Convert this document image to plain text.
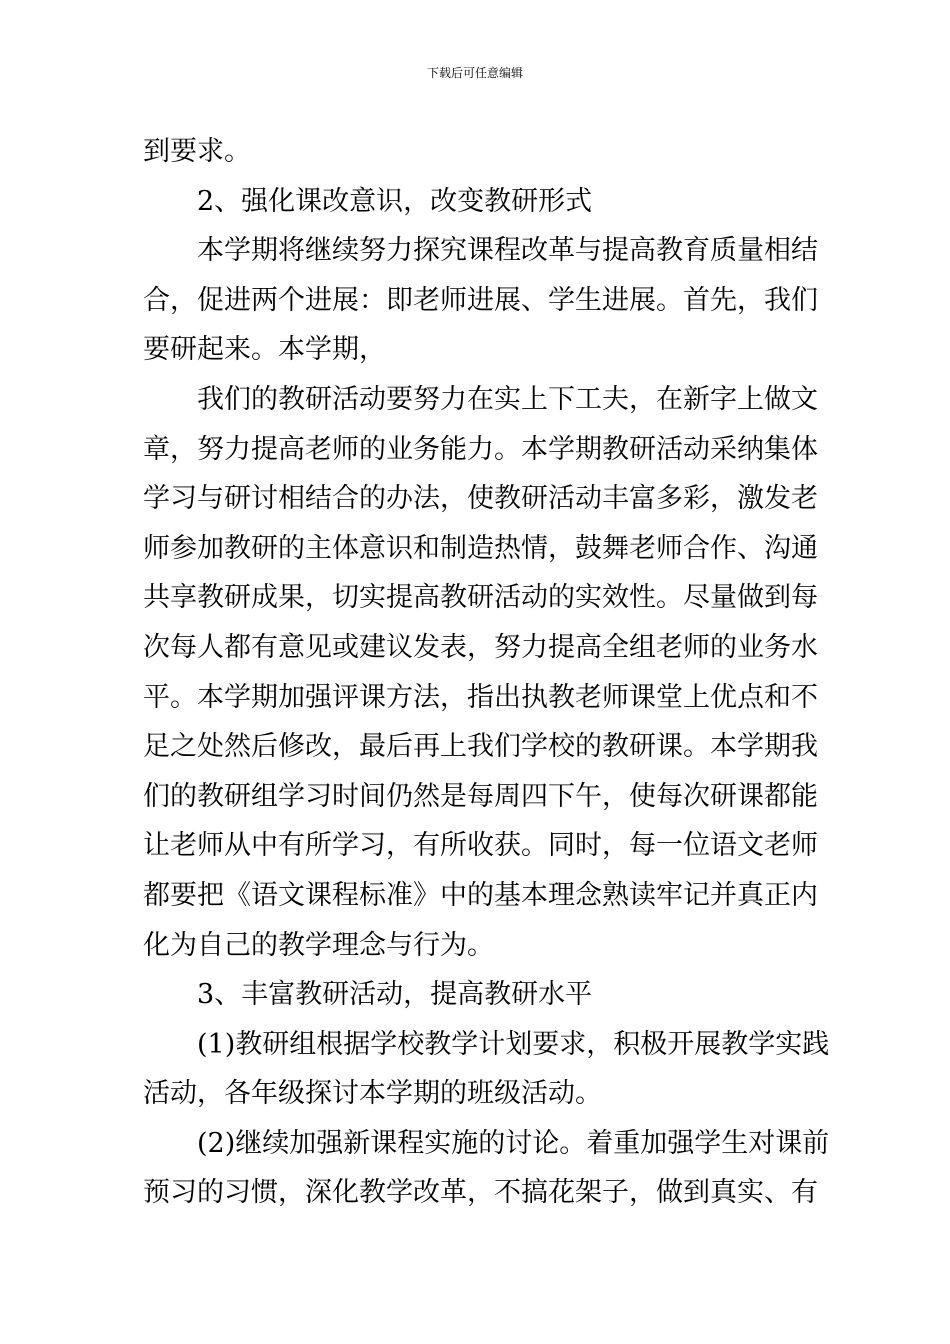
下载后可任意编辑
到要求。
2、强化课改意识，改变教研形式
本学期将继续努力探究课程改革与提高教育质量相结
合，促进两个进展：即老师进展、学生进展。首先，我们
要研起来。本学期，
我们的教研活动要努力在实上下工夫，在新字上做文
章，努力提高老师的业务能力。本学期教研活动采纳集体
学习与研讨相结合的办法，使教研活动丰富多彩，激发老
师参加教研的主体意识和制造热情，鼓舞老师合作、沟通
共享教研成果，切实提高教研活动的实效性。尽量做到每
次每人都有意见或建议发表，努力提高全组老师的业务水
平。本学期加强评课方法，指出执教老师课堂上优点和不
足之处然后修改，最后再上我们学校的教研课。本学期我
们的教研组学习时间仍然是每周四下午，使每次研课都能
让老师从中有所学习，有所收获。同时，每一位语文老师
都要把《语文课程标准》中的基本理念熟读牢记并真正内
化为自己的教学理念与行为。
3、丰富教研活动，提高教研水平
(1)教研组根据学校教学计划要求，积极开展教学实践
活动，各年级探讨本学期的班级活动。
(2)继续加强新课程实施的讨论。着重加强学生对课前
预习的习惯，深化教学改革，不搞花架子，做到真实、有
